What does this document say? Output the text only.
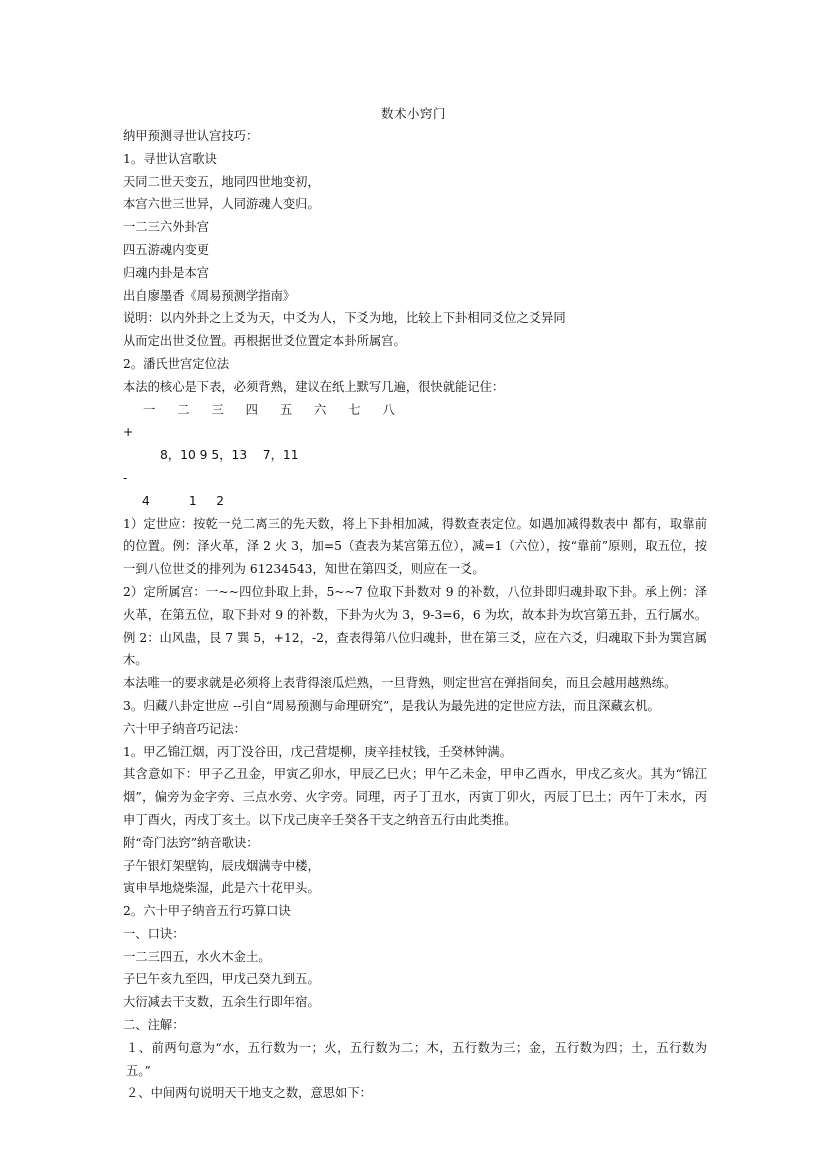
数术小窍门

纳甲预测寻世认宫技巧：

1。寻世认宫歌诀

天同二世天变五，地同四世地变初，

本宫六世三世异，人同游魂人变归。

一二三六外卦宫

四五游魂内变更

归魂内卦是本宫

出自廖墨香《周易预测学指南》

说明：以内外卦之上爻为天，中爻为人，下爻为地，比较上下卦相同爻位之爻异同

从而定出世爻位置。再根据世爻位置定本卦所属宫。

2。潘氏世宫定位法

本法的核心是下表，必须背熟，建议在纸上默写几遍，很快就能记住：

一 二 三 四 五 六 七 八

+

8，10 9 5，13    7，11

-

4          1     2

1）定世应：按乾一兑二离三的先天数，将上下卦相加减，得数查表定位。如遇加减得数表中 都有，取靠前的位置。例：泽火革，泽 2 火 3，加=5（查表为某宫第五位），减=1（六位），按“靠前”原则，取五位，按一到八位世爻的排列为 61234543，知世在第四爻，则应在一爻。

2）定所属宫：一~~四位卦取上卦，5~~7 位取下卦数对 9 的补数，八位卦即归魂卦取下卦。承上例：泽火革，在第五位，取下卦对 9 的补数，下卦为火为 3，9-3=6，6 为坎，故本卦为坎宫第五卦，五行属水。例 2：山风蛊，艮 7 巽 5，+12，-2，查表得第八位归魂卦，世在第三爻，应在六爻，归魂取下卦为巽宫属木。

本法唯一的要求就是必须将上表背得滚瓜烂熟，一旦背熟，则定世宫在弹指间矣，而且会越用越熟练。

3。归藏八卦定世应 --引自“周易预测与命理研究”，是我认为最先进的定世应方法，而且深藏玄机。

六十甲子纳音巧记法：

1。甲乙锦江烟，丙丁没谷田，戊己营堤柳，庚辛挂杖钱，壬癸林钟满。

其含意如下：甲子乙丑金，甲寅乙卯水，甲辰乙巳火；甲午乙未金，甲申乙酉水，甲戌乙亥火。其为“锦江烟”，偏旁为金字旁、三点水旁、火字旁。同理，丙子丁丑水，丙寅丁卯火，丙辰丁巳土；丙午丁未水，丙申丁酉火，丙戌丁亥土。以下戊己庚辛壬癸各干支之纳音五行由此类推。

附“奇门法窍”纳音歌诀：

子午银灯架壁钩，辰戌烟满寺中楼，

寅申旱地烧柴湿，此是六十花甲头。

2。六十甲子纳音五行巧算口诀

一、口诀：

一二三四五，水火木金土。

子巳午亥九至四，甲戊己癸九到五。

大衍减去干支数，五余生行即年宿。

二、注解：

１、前两句意为“水，五行数为一；火，五行数为二；木，五行数为三；金，五行数为四；土，五行数为五。”

２、中间两句说明天干地支之数，意思如下：
